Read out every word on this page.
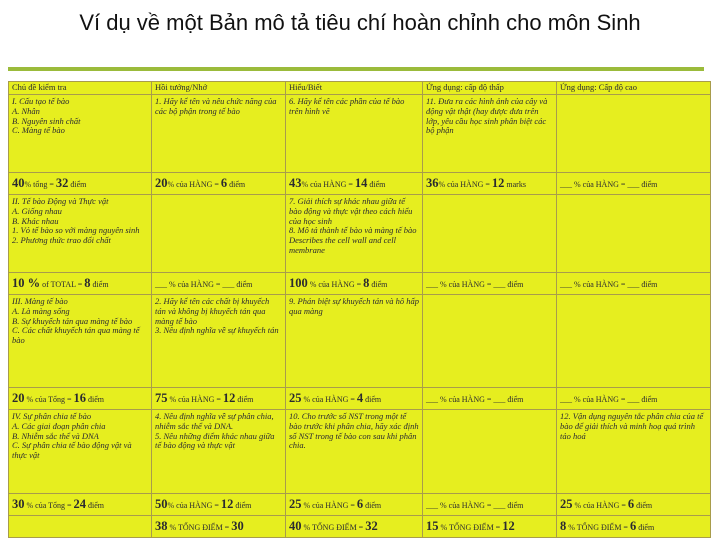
Ví dụ về một Bản mô tả tiêu chí hoàn chỉnh cho môn Sinh
Chủ đề kiểm tra	Hồi tưởng/Nhớ	Hiểu/Biết	Ứng dụng: cấp độ thấp	Ứng dụng: Cấp độ cao
I. Cấu tạo tế bào
A. Nhân
B. Nguyên sinh chất
C. Màng tế bào	1. Hãy kể tên và nêu chức năng của các bộ phận trong tế bào	6. Hãy kể tên các phần của tế bào trên hình vẽ	11. Đưa ra các hình ảnh của cây và động vật thật (hay được đưa trên lớp, yêu cầu học sinh phân biệt các bộ phận	
40% tổng = 32 điểm	20% của HÀNG = 6 điểm	43% của HÀNG = 14 điểm	36% của HÀNG = 12 marks	___ % của HÀNG = ___ điểm
II. Tế bào Động và Thực vật
A. Giống nhau
B. Khác nhau
1. Vỏ tế bào so với màng nguyên sinh
2. Phương thức trao đổi chất		7. Giải thích sự khác nhau giữa tế bào động và thực vật theo cách hiểu của học sinh
8. Mô tả thành tế bào và màng tế bào
Describes the cell wall and cell membrane		
10 % of TOTAL = 8 điểm	___ % của HÀNG = ___ điểm	100 % của HÀNG = 8 điểm	___ % của HÀNG = ___ điểm	___ % của HÀNG = ___ điểm
III. Màng tế bào
A. Là màng sống
B. Sự khuyếch tán qua màng tế bào
C. Các chất khuyếch tán qua màng tế bào	2. Hãy kể tên các chất bị khuyếch tán và không bị khuyếch tán qua màng tế bào
3. Nêu định nghĩa về sự khuyếch tán	9. Phán biệt sự khuyếch tán và hô hấp qua màng		
20 % của Tổng = 16 điểm	75 % của HÀNG = 12 điểm	25 % của HÀNG = 4 điểm	___ % của HÀNG = ___ điểm	___ % của HÀNG = ___ điểm
IV. Sự phân chia tế bào
A. Các giai đoạn phân chia
B. Nhiễm sắc thể và DNA
C. Sự phân chia tế bào động vật và thực vật	4. Nêu định nghĩa về sự phân chia, nhiễm sắc thể và DNA.
5. Nêu những điểm khác nhau giữa tế bào động và thực vật	10. Cho trước số NST trong một tế bào trước khi phân chia, hãy xác định số NST trong tế bào con sau khi phân chia.		12. Vận dụng nguyên tắc phân chia của tế bào để giải thích và minh hoạ quá trình tảo hoá
30 % của Tổng = 24 điểm	50% của HÀNG = 12 điểm	25 % của HÀNG = 6 điểm	___ % của HÀNG = ___ điểm	25 % của HÀNG = 6 điểm
	38 % TỔNG ĐIỂM = 30	40 % TỔNG ĐIỂM = 32	15 % TỔNG ĐIỂM = 12	8 % TỔNG ĐIỂM = 6 điểm
